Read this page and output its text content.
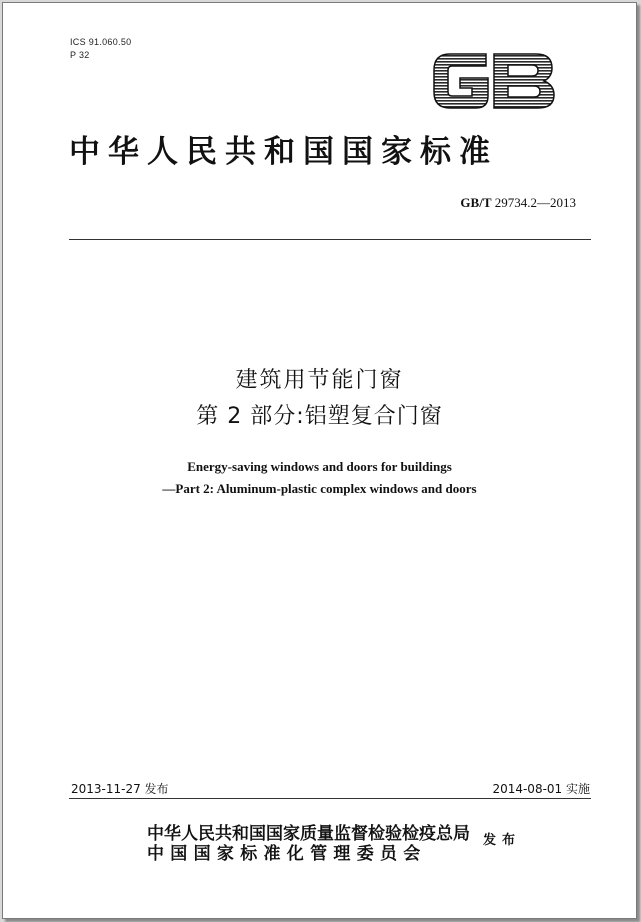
ICS 91.060.50
P 32
中华人民共和国国家标准
GB/T 29734.2—2013
建筑用节能门窗
第 2 部分:铝塑复合门窗
Energy-saving windows and doors for buildings
—Part 2: Aluminum-plastic complex windows and doors
2013-11-27 发布	2014-08-01 实施
中华人民共和国国家质量监督检验检疫总局
中国国家标准化管理委员会
发布
